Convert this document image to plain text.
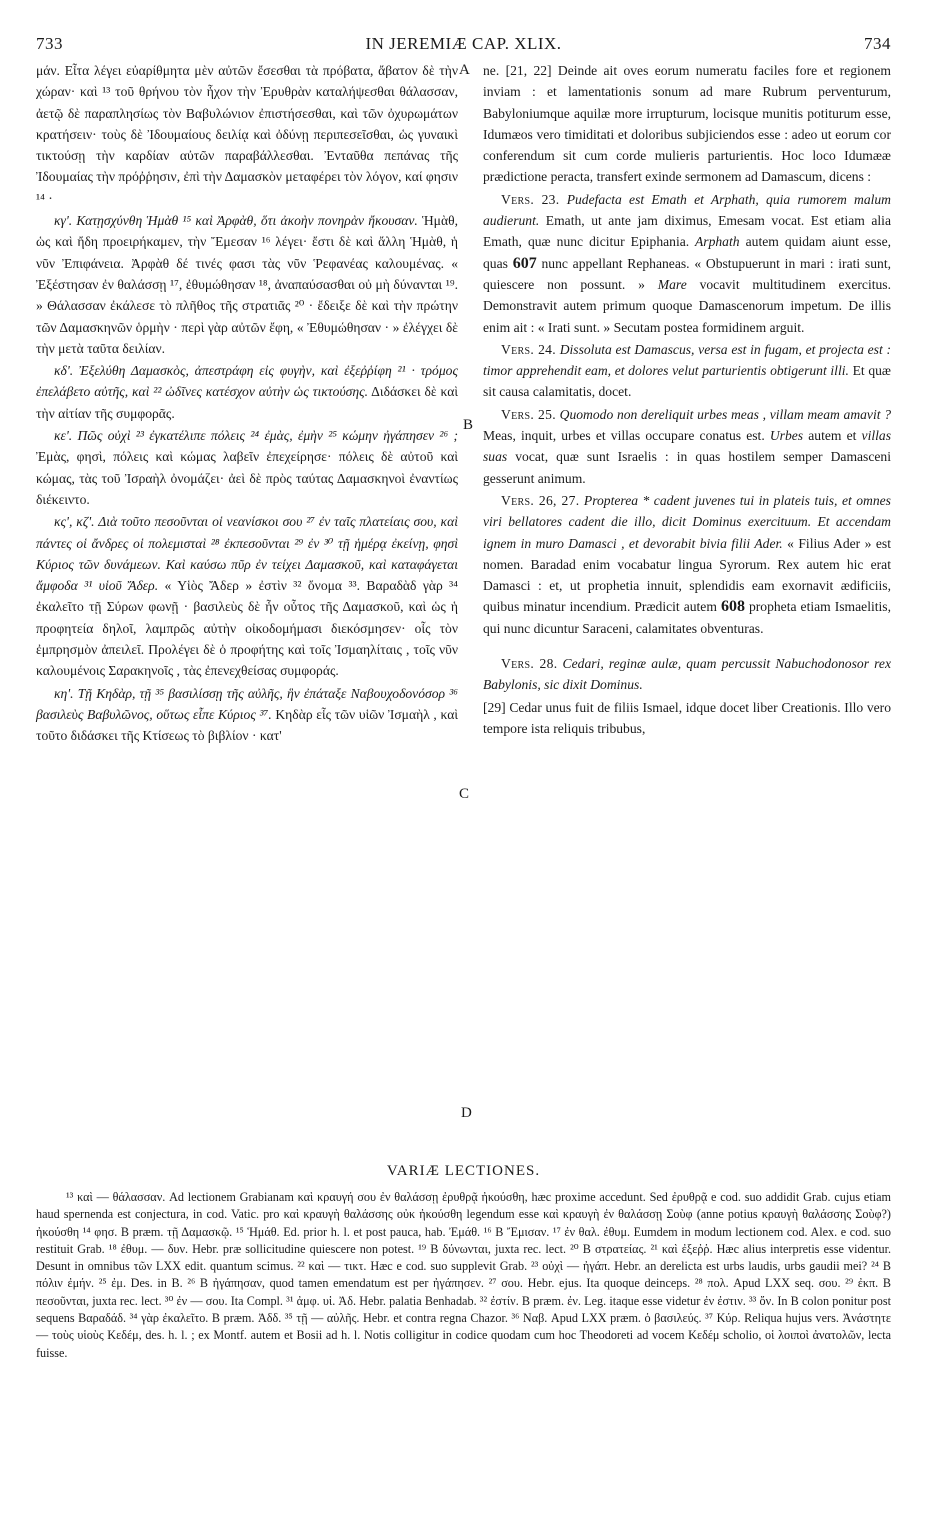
733	IN JEREMIÆ CAP. XLIX.	734

μάν. Εἶτα λέγει εὐαρίθμητα μὲν αὐτῶν ἔσεσθαι τὰ πρόβατα, ἄβατον δὲ τὴν χώραν· καὶ ¹³ τοῦ θρήνου τὸν ἦχον τὴν Ἐρυθρὰν καταλήψεσθαι θάλασσαν, ἀετῷ δὲ παραπλησίως τὸν Βαβυλώνιον ἐπιστήσεσθαι, καὶ τῶν ὀχυρωμάτων κρατήσειν· τοὺς δὲ Ἰδουμαίους δειλίᾳ καὶ ὀδύνῃ περιπεσεῖσθαι, ὡς γυναικὶ τικτούσῃ τὴν καρδίαν αὐτῶν παραβάλλεσθαι. Ἐνταῦθα πεπάνας τῆς Ἰδουμαίας τὴν πρόῤῥησιν, ἐπὶ τὴν Δαμασκὸν μεταφέρει τὸν λόγον, καί φησιν ¹⁴ ·

κγ'. Κατῃσχύνθη Ἡμὰθ ¹⁵ καὶ Ἀρφὰθ, ὅτι ἀκοὴν πονηρὰν ἤκουσαν. Ἡμὰθ, ὡς καὶ ἤδη προειρήκαμεν, τὴν Ἔμεσαν ¹⁶ λέγει· ἔστι δὲ καὶ ἄλλη Ἡμὰθ, ἡ νῦν Ἐπιφάνεια. Ἀρφὰθ δέ τινές φασι τὰς νῦν Ῥεφανέας καλουμένας. « Ἐξέστησαν ἐν θαλάσσῃ ¹⁷, ἐθυμώθησαν ¹⁸, ἀναπαύσασθαι οὐ μὴ δύνανται ¹⁹. » Θάλασσαν ἐκάλεσε τὸ πλῆθος τῆς στρατιᾶς ²⁰ · ἔδειξε δὲ καὶ τὴν πρώτην τῶν Δαμασκηνῶν ὁρμὴν · περὶ γὰρ αὐτῶν ἔφη, « Ἐθυμώθησαν · » ἐλέγχει δὲ τὴν μετὰ ταῦτα δειλίαν.

κδ'. Ἐξελύθη Δαμασκὸς, ἀπεστράφη εἰς φυγὴν, καὶ ἐξεῤῥίφη ²¹ · τρόμος ἐπελάβετο αὐτῆς, καὶ ²² ὠδῖνες κατέσχον αὐτὴν ὡς τικτούσης. Διδάσκει δὲ καὶ τὴν αἰτίαν τῆς συμφορᾶς.

κε'. Πῶς οὐχὶ ²³ ἐγκατέλιπε πόλεις ²⁴ ἐμὰς, ἐμὴν ²⁵ κώμην ἠγάπησεν ²⁶ ; Ἐμὰς, φησὶ, πόλεις καὶ κώμας λαβεῖν ἐπεχείρησε· πόλεις δὲ αὐτοῦ καὶ κώμας, τὰς τοῦ Ἰσραὴλ ὀνομάζει· ἀεὶ δὲ πρὸς ταύτας Δαμασκηνοὶ ἐναντίως διέκειντο.

κς', κζ'. Διὰ τοῦτο πεσοῦνται οἱ νεανίσκοι σου ²⁷ ἐν ταῖς πλατείαις σου, καὶ πάντες οἱ ἄνδρες οἱ πολεμισταὶ ²⁸ ἐκπεσοῦνται ²⁹ ἐν ³⁰ τῇ ἡμέρᾳ ἐκείνῃ, φησὶ Κύριος τῶν δυνάμεων. Καὶ καύσω πῦρ ἐν τείχει Δαμασκοῦ, καὶ καταφάγεται ἄμφοδα ³¹ υἱοῦ Ἄδερ. « Υἱὸς Ἄδερ » ἐστὶν ³² ὄνομα ³³. Βαραδὰδ γὰρ ³⁴ ἐκαλεῖτο τῇ Σύρων φωνῇ · βασιλεὺς δὲ ἦν οὗτος τῆς Δαμασκοῦ, καὶ ὡς ἡ προφητεία δηλοῖ, λαμπρῶς αὐτὴν οἰκοδομήμασι διεκόσμησεν· οἷς τὸν ἐμπρησμὸν ἀπειλεῖ. Προλέγει δὲ ὁ προφήτης καὶ τοῖς Ἰσμαηλίταις , τοῖς νῦν καλουμένοις Σαρακηνοῖς , τὰς ἐπενεχθείσας συμφοράς.

κη'. Τῇ Κηδὰρ, τῇ ³⁵ βασιλίσσῃ τῆς αὐλῆς, ἣν ἐπάταξε Ναβουχοδονόσορ ³⁶ βασιλεὺς Βαβυλῶνος, οὕτως εἶπε Κύριος ³⁷. Κηδὰρ εἷς τῶν υἱῶν Ἰσμαὴλ , καὶ τοῦτο διδάσκει τῆς Κτίσεως τὸ βιβλίον · κατ'

A
B
C
D

ne. [21, 22] Deinde ait oves eorum numeratu faciles fore et regionem inviam : et lamentationis sonum ad mare Rubrum perventurum, Babyloniumque aquilæ more irrupturum, locisque munitis potiturum esse, Idumæos vero timiditati et doloribus subjiciendos esse : adeo ut eorum cor conferendum sit cum corde mulieris parturientis. Hoc loco Idumææ prædictione peracta, transfert exinde sermonem ad Damascum, dicens :

Vers. 23. Pudefacta est Emath et Arphath, quia rumorem malum audierunt. Emath, ut ante jam diximus, Emesam vocat. Est etiam alia Emath, quæ nunc dicitur Epiphania. Arphath autem quidam aiunt esse, quas 607 nunc appellant Rephaneas. « Obstupuerunt in mari : irati sunt, quiescere non possunt. » Mare vocavit multitudinem exercitus. Demonstravit autem primum quoque Damascenorum impetum. De illis enim ait : « Irati sunt. » Secutam postea formidinem arguit.

Vers. 24. Dissoluta est Damascus, versa est in fugam, et projecta est : timor apprehendit eam, et dolores velut parturientis obtigerunt illi. Et quæ sit causa calamitatis, docet.

Vers. 25. Quomodo non dereliquit urbes meas , villam meam amavit ? Meas, inquit, urbes et villas occupare conatus est. Urbes autem et villas suas vocat, quæ sunt Israelis : in quas hostilem semper Damasceni gesserunt animum.

Vers. 26, 27. Propterea * cadent juvenes tui in plateis tuis, et omnes viri bellatores cadent die illo, dicit Dominus exercituum. Et accendam ignem in muro Damasci , et devorabit bivia filii Ader. « Filius Ader » est nomen. Baradad enim vocabatur lingua Syrorum. Rex autem hic erat Damasci : et, ut prophetia innuit, splendidis eam exornavit ædificiis, quibus minatur incendium. Prædicit autem 608 propheta etiam Ismaelitis, qui nunc dicuntur Saraceni, calamitates obventuras.

Vers. 28. Cedari, reginæ aulæ, quam percussit Nabuchodonosor rex Babylonis, sic dixit Dominus.

[29] Cedar unus fuit de filiis Ismael, idque docet liber Creationis. Illo vero tempore ista reliquis tribubus,

VARIÆ LECTIONES.

¹³ καὶ — θάλασσαν. Ad lectionem Grabianam καὶ κραυγή σου ἐν θαλάσσῃ ἐρυθρᾷ ἠκούσθη, hæc proxime accedunt. Sed ἐρυθρᾷ e cod. suo addidit Grab. cujus etiam haud spernenda est conjectura, in cod. Vatic. pro καὶ κραυγὴ θαλάσσης οὐκ ἠκούσθη legendum esse καὶ κραυγὴ ἐν θαλάσσῃ Σοὺφ (anne potius κραυγὴ θαλάσσης Σοὺφ?) ἠκούσθη ¹⁴ φησ. B præm. τῇ Δαμασκῷ. ¹⁵ Ἡμάθ. Ed. prior h. l. et post pauca, hab. Ἐμάθ. ¹⁶ B Ἔμισαν. ¹⁷ ἐν θαλ. ἐθυμ. Eumdem in modum lectionem cod. Alex. e cod. suo restituit Grab. ¹⁸ ἐθυμ. — δυν. Hebr. præ sollicitudine quiescere non potest. ¹⁹ B δύνωνται, juxta rec. lect. ²⁰ B στρατείας. ²¹ καὶ ἐξεῤῥ. Hæc alius interpretis esse videntur. Desunt in omnibus τῶν LXX edit. quantum scimus. ²² καὶ — τικτ. Hæc e cod. suo supplevit Grab. ²³ οὐχὶ — ἠγάπ. Hebr. an derelicta est urbs laudis, urbs gaudii mei? ²⁴ B πόλιν ἐμήν. ²⁵ ἐμ. Des. in B. ²⁶ B ἠγάπησαν, quod tamen emendatum est per ἠγάπησεν. ²⁷ σου. Hebr. ejus. Ita quoque deinceps. ²⁸ πολ. Apud LXX seq. σου. ²⁹ ἐκπ. B πεσοῦνται, juxta rec. lect. ³⁰ ἐν — σου. Ita Compl. ³¹ ἀμφ. υἱ. Ἀδ. Hebr. palatia Benhadab. ³² ἐστίν. B præm. ἐν. Leg. itaque esse videtur ἐν ἐστιν. ³³ ὄν. In B colon ponitur post sequens Βαραδάδ. ³⁴ γὰρ ἐκαλεῖτο. B præm. Ἀδδ. ³⁵ τῇ — αὐλῆς. Hebr. et contra regna Chazor. ³⁶ Ναβ. Apud LXX præm. ὁ βασιλεύς. ³⁷ Κύρ. Reliqua hujus vers. Ἀνάστητε — τοὺς υἱοὺς Κεδέμ, des. h. l. ; ex Montf. autem et Bosii ad h. l. Notis colligitur in codice quodam cum hoc Theodoreti ad vocem Κεδέμ scholio, οἱ λοιποὶ ἀνατολῶν, lecta fuisse.
